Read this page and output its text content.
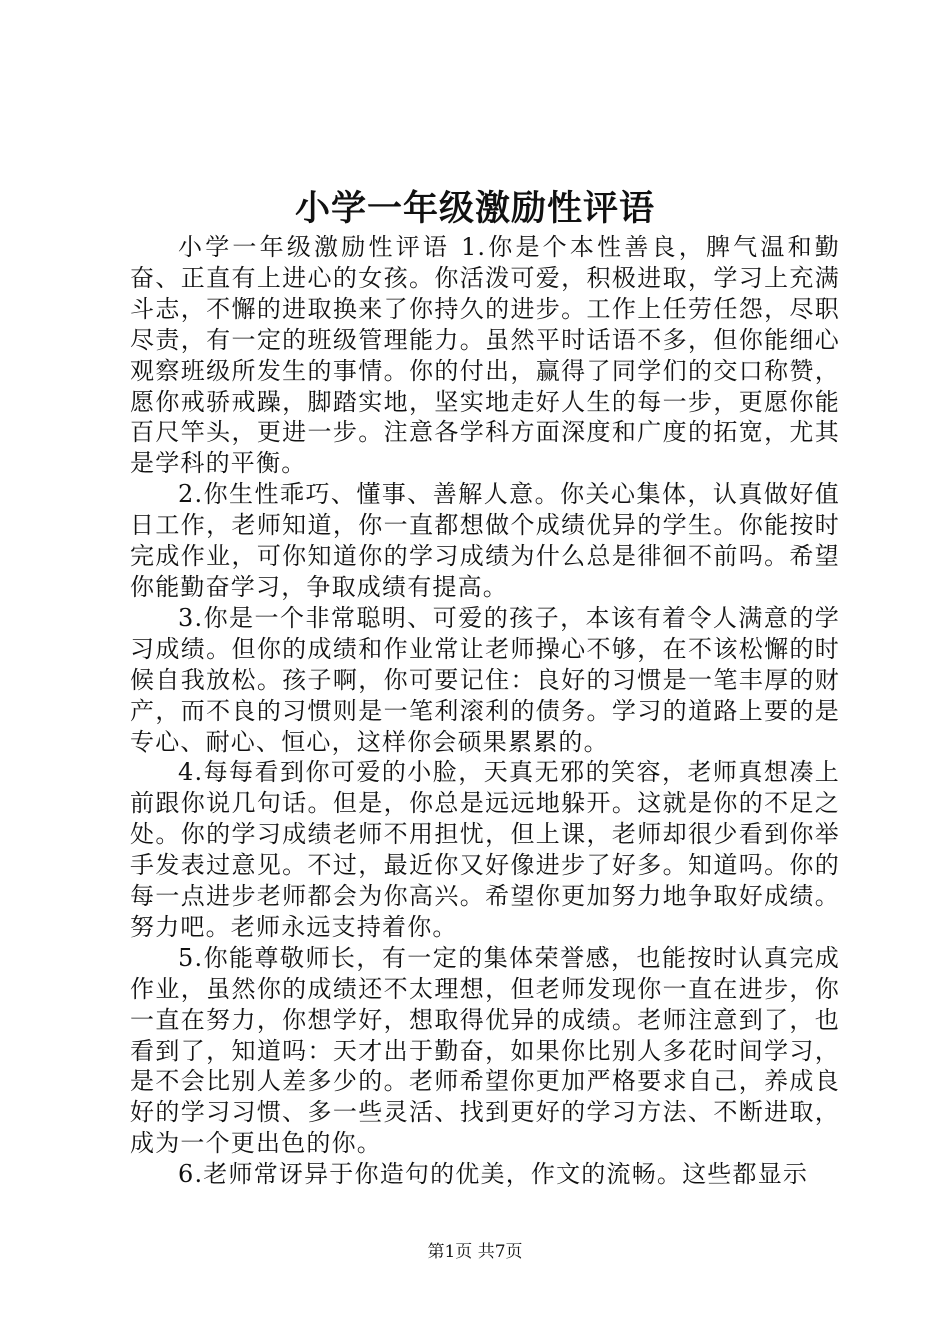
小学一年级激励性评语

小学一年级激励性评语 1.你是个本性善良，脾气温和勤奋、正直有上进心的女孩。你活泼可爱，积极进取，学习上充满斗志，不懈的进取换来了你持久的进步。工作上任劳任怨，尽职尽责，有一定的班级管理能力。虽然平时话语不多，但你能细心观察班级所发生的事情。你的付出，赢得了同学们的交口称赞，愿你戒骄戒躁，脚踏实地，坚实地走好人生的每一步，更愿你能百尺竿头，更进一步。注意各学科方面深度和广度的拓宽，尤其是学科的平衡。

2.你生性乖巧、懂事、善解人意。你关心集体，认真做好值日工作，老师知道，你一直都想做个成绩优异的学生。你能按时完成作业，可你知道你的学习成绩为什么总是徘徊不前吗。希望你能勤奋学习，争取成绩有提高。

3.你是一个非常聪明、可爱的孩子，本该有着令人满意的学习成绩。但你的成绩和作业常让老师操心不够，在不该松懈的时候自我放松。孩子啊，你可要记住：良好的习惯是一笔丰厚的财产，而不良的习惯则是一笔利滚利的债务。学习的道路上要的是专心、耐心、恒心，这样你会硕果累累的。

4.每每看到你可爱的小脸，天真无邪的笑容，老师真想凑上前跟你说几句话。但是，你总是远远地躲开。这就是你的不足之处。你的学习成绩老师不用担忧，但上课，老师却很少看到你举手发表过意见。不过，最近你又好像进步了好多。知道吗。你的每一点进步老师都会为你高兴。希望你更加努力地争取好成绩。努力吧。老师永远支持着你。

5.你能尊敬师长，有一定的集体荣誉感，也能按时认真完成作业，虽然你的成绩还不太理想，但老师发现你一直在进步，你一直在努力，你想学好，想取得优异的成绩。老师注意到了，也看到了，知道吗：天才出于勤奋，如果你比别人多花时间学习，是不会比别人差多少的。老师希望你更加严格要求自己，养成良好的学习习惯、多一些灵活、找到更好的学习方法、不断进取，成为一个更出色的你。

6.老师常讶异于你造句的优美，作文的流畅。这些都显示

第1页 共7页
